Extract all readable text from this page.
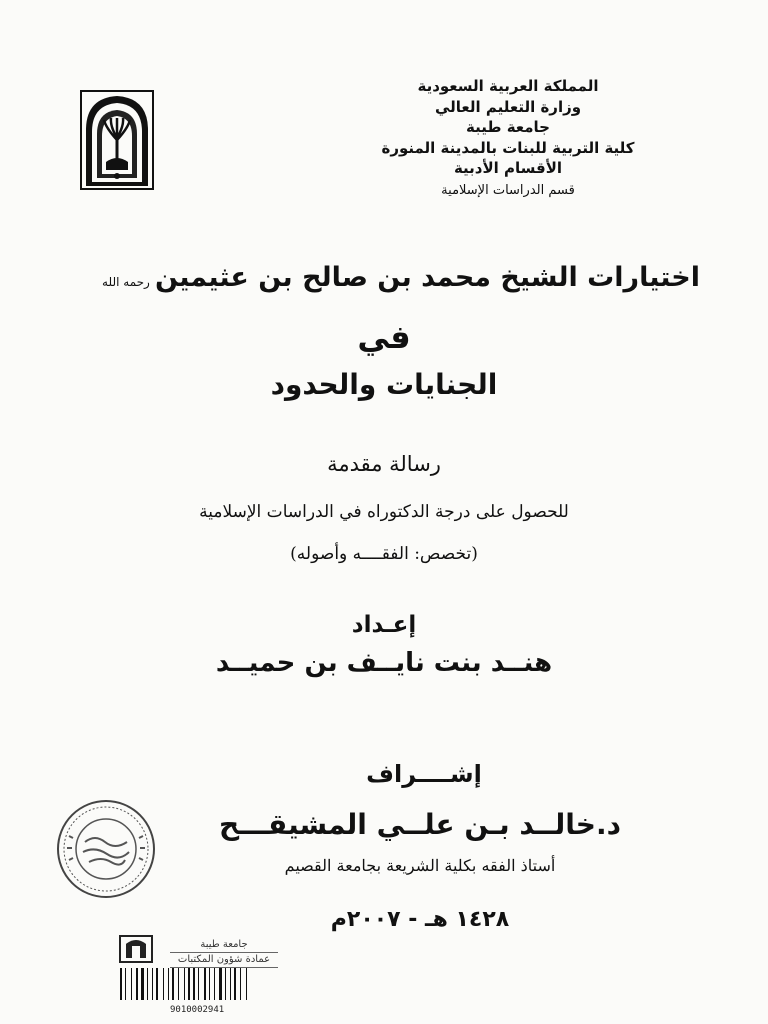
المملكة العربية السعودية
وزارة التعليم العالي
جامعة طيبة
كلية التربية للبنات بالمدينة المنورة
الأقسام الأدبية
قسم الدراسات الإسلامية
اختيارات الشيخ محمد بن صالح بن عثيمين رحمه الله
في
الجنايات والحدود
رسالة مقدمة
للحصول على درجة الدكتوراه في الدراسات الإسلامية
(تخصص: الفقــــه وأصوله)
إعـداد
هنــد بنت نايــف بن حميــد
إشــــراف
د.خالــد بـن علــي المشيقـــح
أستاذ الفقه بكلية الشريعة بجامعة القصيم
١٤٢٨ هـ - ٢٠٠٧م
جامعة طيبة
عمادة شؤون المكتبات
9010002941
